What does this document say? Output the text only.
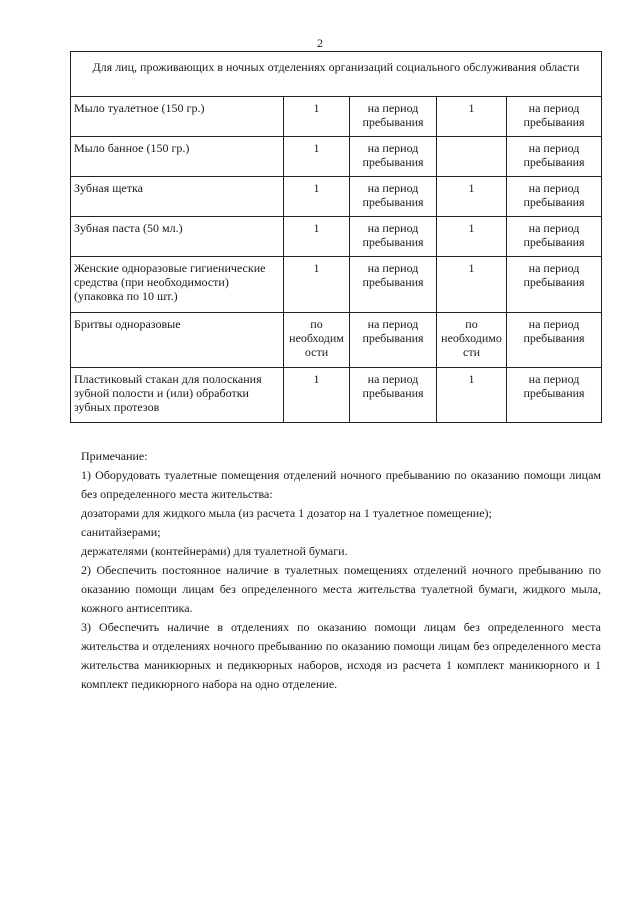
2
Для лиц, проживающих в ночных отделениях организаций социального обслуживания области				
Мыло туалетное (150 гр.)	1	на период пребывания	1	на период пребывания
Мыло банное (150 гр.)	1	на период пребывания		на период пребывания
Зубная щетка	1	на период пребывания	1	на период пребывания
Зубная паста (50 мл.)	1	на период пребывания	1	на период пребывания
Женские одноразовые гигиенические средства (при необходимости) (упаковка по 10 шт.)	1	на период пребывания	1	на период пребывания
Бритвы одноразовые	по необходим ости	на период пребывания	по необходимо сти	на период пребывания
Пластиковый стакан для полоскания зубной полости и (или) обработки зубных протезов	1	на период пребывания	1	на период пребывания

Примечание:

1) Оборудовать туалетные помещения отделений ночного пребыванию по оказанию помощи лицам без определенного места жительства:

дозаторами для жидкого мыла (из расчета 1 дозатор на 1 туалетное помещение);

санитайзерами;

держателями (контейнерами) для туалетной бумаги.

2) Обеспечить постоянное наличие в туалетных помещениях отделений ночного пребыванию по оказанию помощи лицам без определенного места жительства туалетной бумаги, жидкого мыла, кожного антисептика.

3) Обеспечить наличие в отделениях по оказанию помощи лицам без определенного места жительства и отделениях ночного пребыванию по оказанию помощи лицам без определенного места жительства маникюрных и педикюрных наборов, исходя из расчета 1 комплект маникюрного и 1 комплект педикюрного набора на одно отделение.
